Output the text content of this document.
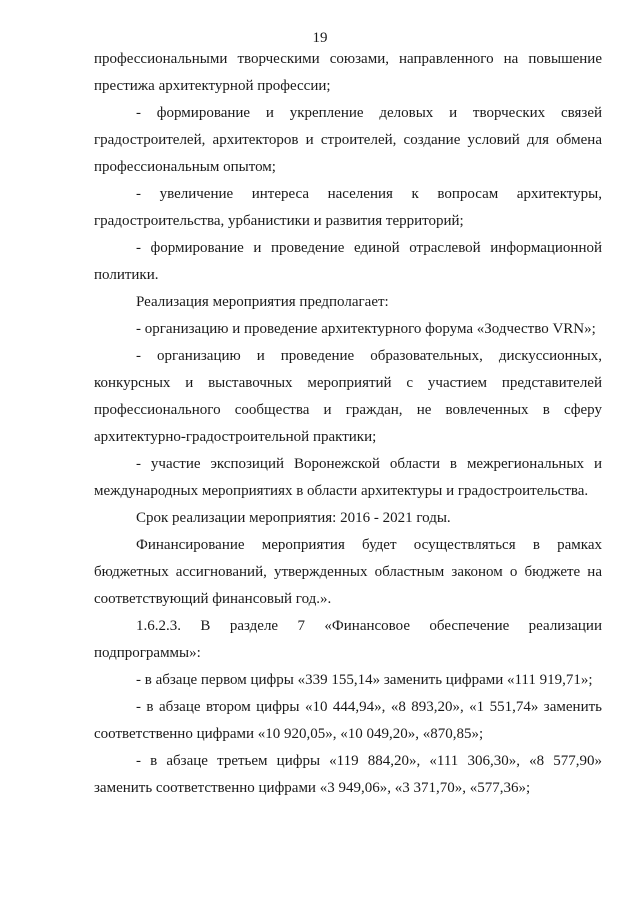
19

профессиональными творческими союзами, направленного на повышение престижа архитектурной профессии;

- формирование и укрепление деловых и творческих связей градостроителей, архитекторов и строителей, создание условий для обмена профессиональным опытом;

- увеличение интереса населения к вопросам архитектуры, градостроительства, урбанистики и развития территорий;

- формирование и проведение единой отраслевой информационной политики.

Реализация мероприятия предполагает:

- организацию и проведение архитектурного форума «Зодчество VRN»;

- организацию и проведение образовательных, дискуссионных, конкурсных и выставочных мероприятий с участием представителей профессионального сообщества и граждан, не вовлеченных в сферу архитектурно-градостроительной практики;

- участие экспозиций Воронежской области в межрегиональных и международных мероприятиях в области архитектуры и градостроительства.

Срок реализации мероприятия: 2016 - 2021 годы.

Финансирование мероприятия будет осуществляться в рамках бюджетных ассигнований, утвержденных областным законом о бюджете на соответствующий финансовый год.».

1.6.2.3. В разделе 7 «Финансовое обеспечение реализации подпрограммы»:

- в абзаце первом цифры «339 155,14» заменить цифрами «111 919,71»;

- в абзаце втором цифры «10 444,94», «8 893,20», «1 551,74» заменить соответственно цифрами «10 920,05», «10 049,20», «870,85»;

- в абзаце третьем цифры «119 884,20», «111 306,30», «8 577,90» заменить соответственно цифрами «3 949,06», «3 371,70», «577,36»;
